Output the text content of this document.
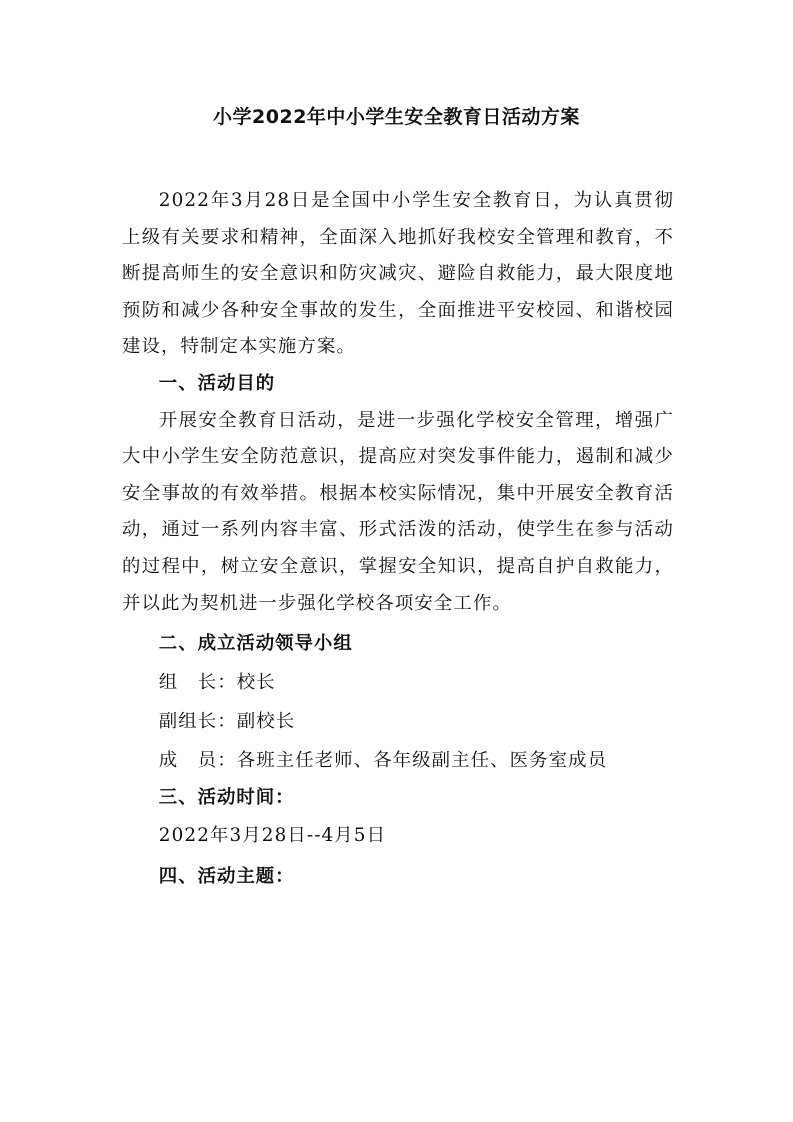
小学2022年中小学生安全教育日活动方案

2022年3月28日是全国中小学生安全教育日，为认真贯彻上级有关要求和精神，全面深入地抓好我校安全管理和教育，不断提高师生的安全意识和防灾减灾、避险自救能力，最大限度地预防和减少各种安全事故的发生，全面推进平安校园、和谐校园建设，特制定本实施方案。

一、活动目的

开展安全教育日活动，是进一步强化学校安全管理，增强广大中小学生安全防范意识，提高应对突发事件能力，遏制和减少安全事故的有效举措。根据本校实际情况，集中开展安全教育活动，通过一系列内容丰富、形式活泼的活动，使学生在参与活动的过程中，树立安全意识，掌握安全知识，提高自护自救能力，并以此为契机进一步强化学校各项安全工作。

二、成立活动领导小组

组　长：校长

副组长：副校长

成　员：各班主任老师、各年级副主任、医务室成员

三、活动时间：

2022年3月28日--4月5日

四、活动主题：
